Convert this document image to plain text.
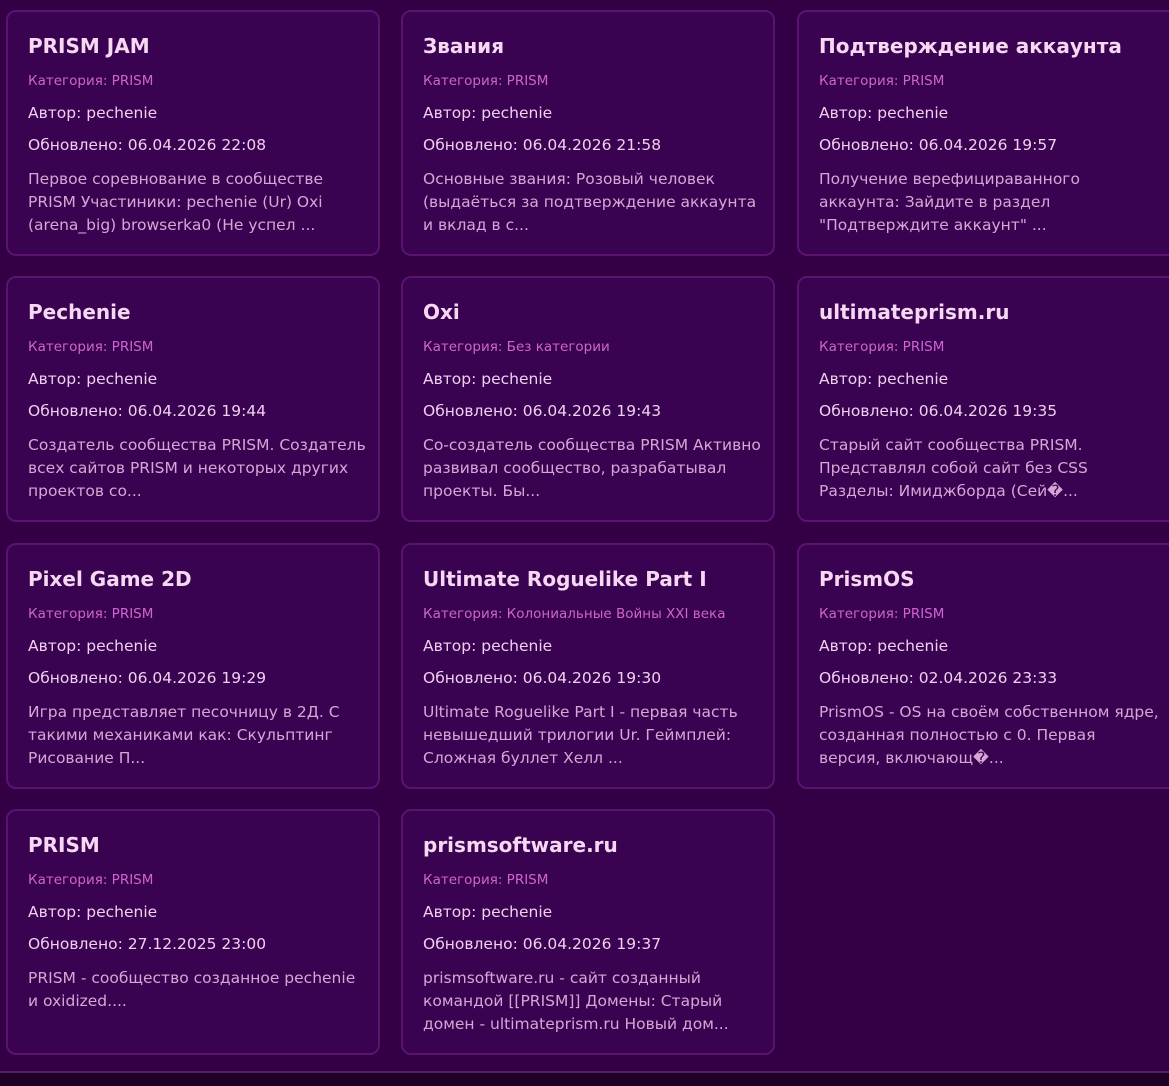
PRISM JAM
Категория: PRISM
Автор: pechenie
Обновлено: 06.04.2026 22:08
Первое соревнование в сообществе PRISM Участиники: pechenie (Ur) Oxi (arena_big) browserka0 (Не успел ...
Звания
Категория: PRISM
Автор: pechenie
Обновлено: 06.04.2026 21:58
Основные звания: Розовый человек (выдаёться за подтверждение аккаунта и вклад в с...
Подтверждение аккаунта
Категория: PRISM
Автор: pechenie
Обновлено: 06.04.2026 19:57
Получение верефицираванного аккаунта: Зайдите в раздел "Подтверждите аккаунт" ...
Pechenie
Категория: PRISM
Автор: pechenie
Обновлено: 06.04.2026 19:44
Создатель сообщества PRISM. Создатель всех сайтов PRISM и некоторых других проектов со...
Oxi
Категория: Без категории
Автор: pechenie
Обновлено: 06.04.2026 19:43
Со-создатель сообщества PRISM Активно развивал сообщество, разрабатывал проекты. Бы...
ultimateprism.ru
Категория: PRISM
Автор: pechenie
Обновлено: 06.04.2026 19:35
Старый сайт сообщества PRISM. Представлял собой сайт без CSS Разделы: Имиджборда (Сей�...
Pixel Game 2D
Категория: PRISM
Автор: pechenie
Обновлено: 06.04.2026 19:29
Игра представляет песочницу в 2Д. С такими механиками как: Скульптинг Рисование П...
Ultimate Roguelike Part I
Категория: Колониальные Войны XXI века
Автор: pechenie
Обновлено: 06.04.2026 19:30
Ultimate Roguelike Part I - первая часть невышедший трилогии Ur. Геймплей: Сложная буллет Хелл ...
PrismOS
Категория: PRISM
Автор: pechenie
Обновлено: 02.04.2026 23:33
PrismOS - OS на своём собственном ядре, созданная полностью с 0. Первая версия, включающ�...
PRISM
Категория: PRISM
Автор: pechenie
Обновлено: 27.12.2025 23:00
PRISM - сообщество созданное pechenie и oxidized....
prismsoftware.ru
Категория: PRISM
Автор: pechenie
Обновлено: 06.04.2026 19:37
prismsoftware.ru - сайт созданный командой [[PRISM]] Домены: Старый домен - ultimateprism.ru Новый дом...
